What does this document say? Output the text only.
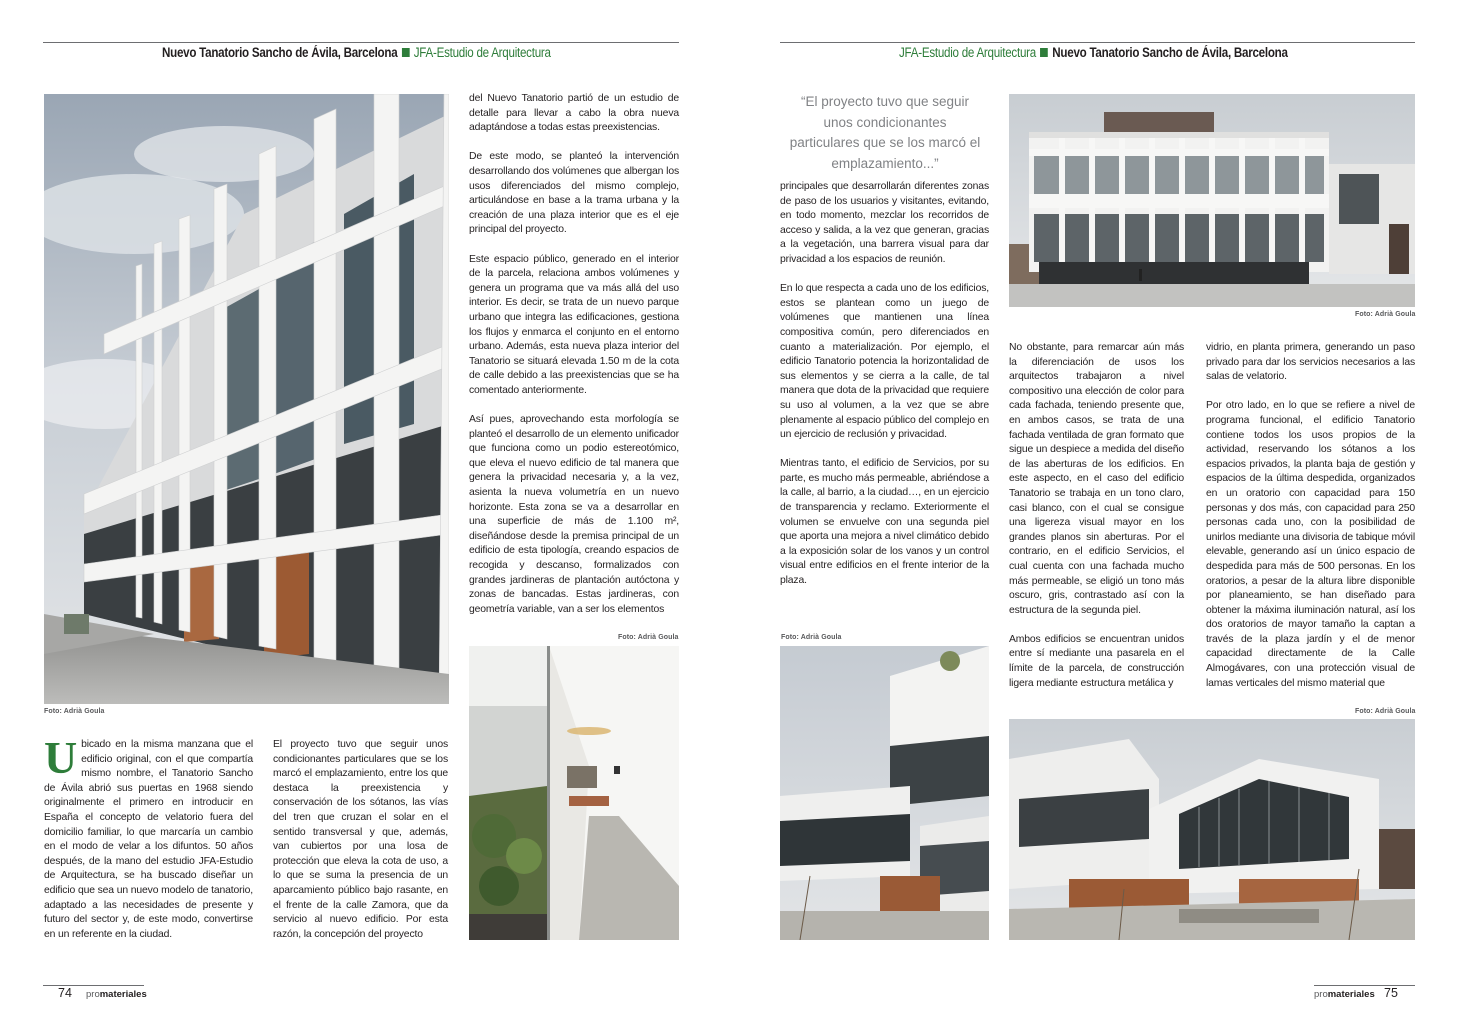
Nuevo Tanatorio Sancho de Ávila, Barcelona JFA-Estudio de Arquitectura
Foto: Adrià Goula
Foto: Adrià Goula

Ubicado en la misma manzana que el edificio original, con el que compartía mismo nombre, el Tanatorio Sancho de Ávila abrió sus puertas en 1968 siendo originalmente el primero en introducir en España el concepto de velatorio fuera del domicilio familiar, lo que marcaría un cambio en el modo de velar a los difuntos. 50 años después, de la mano del estudio JFA-Estudio de Arquitectura, se ha buscado diseñar un edificio que sea un nuevo modelo de tanatorio, adaptado a las necesidades de presente y futuro del sector y, de este modo, convertirse en un referente en la ciudad.

El proyecto tuvo que seguir unos condicionantes particulares que se los marcó el emplazamiento, entre los que destaca la preexistencia y conservación de los sótanos, las vías del tren que cruzan el solar en el sentido transversal y que, además, van cubiertos por una losa de protección que eleva la cota de uso, a lo que se suma la presencia de un aparcamiento público bajo rasante, en el frente de la calle Zamora, que da servicio al nuevo edificio. Por esta razón, la concepción del proyecto

del Nuevo Tanatorio partió de un estudio de detalle para llevar a cabo la obra nueva adaptándose a todas estas preexistencias.

De este modo, se planteó la intervención desarrollando dos volúmenes que albergan los usos diferenciados del mismo complejo, articulándose en base a la trama urbana y la creación de una plaza interior que es el eje principal del proyecto.

Este espacio público, generado en el interior de la parcela, relaciona ambos volúmenes y genera un programa que va más allá del uso interior. Es decir, se trata de un nuevo parque urbano que integra las edificaciones, gestiona los flujos y enmarca el conjunto en el entorno urbano. Además, esta nueva plaza interior del Tanatorio se situará elevada 1.50 m de la cota de calle debido a las preexistencias que se ha comentado anteriormente.

Así pues, aprovechando esta morfología se planteó el desarrollo de un elemento unificador que funciona como un podio estereotómico, que eleva el nuevo edificio de tal manera que genera la privacidad necesaria y, a la vez, asienta la nueva volumetría en un nuevo horizonte. Esta zona se va a desarrollar en una superficie de más de 1.100 m², diseñándose desde la premisa principal de un edificio de esta tipología, creando espacios de recogida y descanso, formalizados con grandes jardineras de plantación autóctona y zonas de bancadas. Estas jardineras, con geometría variable, van a ser los elementos

74 promateriales
JFA-Estudio de Arquitectura Nuevo Tanatorio Sancho de Ávila, Barcelona
“El proyecto tuvo que seguir unos condicionantes particulares que se los marcó el emplazamiento...”
Foto: Adrià Goula
Foto: Adrià Goula
Foto: Adrià Goula

principales que desarrollarán diferentes zonas de paso de los usuarios y visitantes, evitando, en todo momento, mezclar los recorridos de acceso y salida, a la vez que generan, gracias a la vegetación, una barrera visual para dar privacidad a los espacios de reunión.

En lo que respecta a cada uno de los edificios, estos se plantean como un juego de volúmenes que mantienen una línea compositiva común, pero diferenciados en cuanto a materialización. Por ejemplo, el edificio Tanatorio potencia la horizontalidad de sus elementos y se cierra a la calle, de tal manera que dota de la privacidad que requiere su uso al volumen, a la vez que se abre plenamente al espacio público del complejo en un ejercicio de reclusión y privacidad.

Mientras tanto, el edificio de Servicios, por su parte, es mucho más permeable, abriéndose a la calle, al barrio, a la ciudad…, en un ejercicio de transparencia y reclamo. Exteriormente el volumen se envuelve con una segunda piel que aporta una mejora a nivel climático debido a la exposición solar de los vanos y un control visual entre edificios en el frente interior de la plaza.

No obstante, para remarcar aún más la diferenciación de usos los arquitectos trabajaron a nivel compositivo una elección de color para cada fachada, teniendo presente que, en ambos casos, se trata de una fachada ventilada de gran formato que sigue un despiece a medida del diseño de las aberturas de los edificios. En este aspecto, en el caso del edificio Tanatorio se trabaja en un tono claro, casi blanco, con el cual se consigue una ligereza visual mayor en los grandes planos sin aberturas. Por el contrario, en el edificio Servicios, el cual cuenta con una fachada mucho más permeable, se eligió un tono más oscuro, gris, contrastado así con la estructura de la segunda piel.

Ambos edificios se encuentran unidos entre sí mediante una pasarela en el límite de la parcela, de construcción ligera mediante estructura metálica y

vidrio, en planta primera, generando un paso privado para dar los servicios necesarios a las salas de velatorio.

Por otro lado, en lo que se refiere a nivel de programa funcional, el edificio Tanatorio contiene todos los usos propios de la actividad, reservando los sótanos a los espacios privados, la planta baja de gestión y espacios de la última despedida, organizados en un oratorio con capacidad para 150 personas y dos más, con capacidad para 250 personas cada uno, con la posibilidad de unirlos mediante una divisoria de tabique móvil elevable, generando así un único espacio de despedida para más de 500 personas. En los oratorios, a pesar de la altura libre disponible por planeamiento, se han diseñado para obtener la máxima iluminación natural, así los dos oratorios de mayor tamaño la captan a través de la plaza jardín y el de menor capacidad directamente de la Calle Almogávares, con una protección visual de lamas verticales del mismo material que

promateriales 75
